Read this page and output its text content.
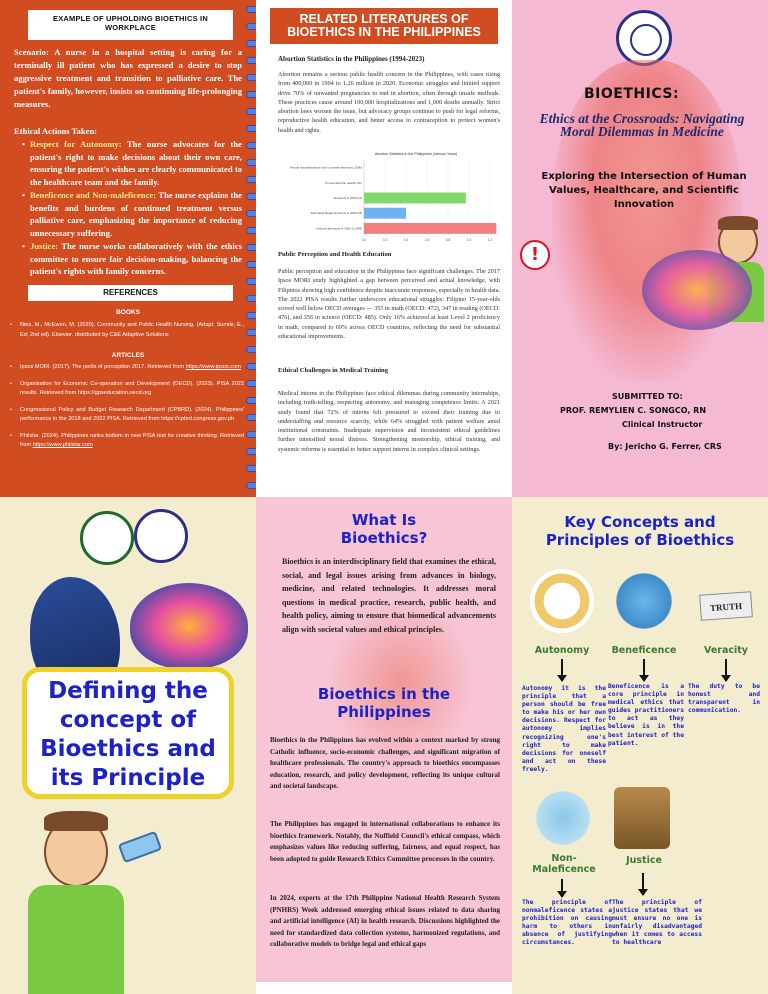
EXAMPLE OF UPHOLDING BIOETHICS IN WORKPLACE

Scenario: A nurse in a hospital setting is caring for a terminally ill patient who has expressed a desire to stop aggressive treatment and transition to palliative care. The patient's family, however, insists on continuing life-prolonging measures.

Ethical Actions Taken:
• Respect for Autonomy: The nurse advocates for the patient's right to make decisions about their own care, ensuring the patient's wishes are clearly communicated to the healthcare team and the family.
• Beneficence and Non-maleficence: The nurse explains the benefits and burdens of continued treatment versus palliative care, emphasizing the importance of reducing unnecessary suffering.
• Justice: The nurse works collaboratively with the ethics committee to ensure fair decision-making, balancing the patient's rights with family concerns.
REFERENCES
BOOKS
• Nies, M., McEwen, M. (2020). Community and Public Health Nursing. (Adapt. Sumile, E., Ed; 2nd ed). Elsevier. distributed by C&E Adaptive Solutions
ARTICLES
• Ipsos MORI. (2017). The perils of perception 2017. Retrieved from https://www.ipsos.com
• Organisation for Economic Co-operation and Development (OECD). (2023). PISA 2022 results. Retrieved from https://gpseducation.oecd.org
• Congressional Policy and Budget Research Department (CPBRD). (2024). Philippines' performance in the 2018 and 2022 PISA. Retrieved from https://cpbrd.congress.gov.ph
• Philstar. (2024). Philippines ranks bottom in new PISA test for creative thinking. Retrieved from https://www.philstar.com
RELATED LITERATURES OF BIOETHICS IN THE PHILIPPINES
Abortion Statistics in the Philippines (1994-2023)

Abortion remains a serious public health concern in the Philippines, with cases rising from 400,000 in 1994 to 1.26 million in 2020. Economic struggles and limited support drive 70% of unwanted pregnancies to end in abortion, often through unsafe methods. These practices cause around 100,000 hospitalizations and 1,000 deaths annually. Strict abortion laws worsen the issue, but advocacy groups continue to push for legal reforms, reproductive health education, and better access to contraception to protect women's health and rights.

Abortion Statistics in the Philippines (Various Years)
Annual hospitalizations due to unsafe abortions (100k)
Annual abortion deaths (1k)
Abortions in 2020 (M)
Estimated illegal abortions in 2000 (M)
Induced abortions in 2020 (1.26M)
0.0	0.2	0.4	0.6	0.8	1.0	1.2
Public Perception and Health Education

Public perception and education in the Philippines face significant challenges. The 2017 Ipsos MORI study highlighted a gap between perceived and actual knowledge, with Filipinos showing high confidence despite inaccurate responses, especially in health data. The 2022 PISA results further underscore educational struggles: Filipino 15-year-olds scored well below OECD averages — 355 in math (OECD: 472), 347 in reading (OECD: 476), and 356 in science (OECD: 485). Only 16% achieved at least Level 2 proficiency in math, compared to 69% across OECD countries, reflecting the need for substantial educational improvements.

Ethical Challenges in Medical Training

Medical interns in the Philippines face ethical dilemmas during community internships, including truth-telling, respecting autonomy, and managing competence limits. A 2021 study found that 72% of interns felt pressured to exceed their training due to understaffing and resource scarcity, while 64% struggled with patient welfare amid institutional constraints. Inadequate supervision and inconsistent ethical guidelines further intensified moral distress. Strengthening mentorship, ethical training, and systemic reforms is essential to better support interns in complex clinical settings.

BIOETHICS:
Ethics at the Crossroads: Navigating Moral Dilemmas in Medicine
Exploring the Intersection of Human Values, Healthcare, and Scientific Innovation
!
SUBMITTED TO:
PROF. REMYLIEN C. SONGCO, RN
Clinical Instructor
By: Jericho G. Ferrer, CRS
Defining the concept of Bioethics and its Principle
What Is Bioethics?

Bioethics is an interdisciplinary field that examines the ethical, social, and legal issues arising from advances in biology, medicine, and related technologies. It addresses moral questions in medical practice, research, public health, and health policy, aiming to ensure that biomedical advancements align with societal values and ethical principles.

Bioethics in the Philippines

Bioethics in the Philippines has evolved within a context marked by strong Catholic influence, socio-economic challenges, and significant migration of healthcare professionals. The country's approach to bioethics encompasses education, research, and policy development, reflecting its unique cultural and societal landscape.

The Philippines has engaged in international collaborations to enhance its bioethics framework. Notably, the Nuffield Council's ethical compass, which emphasizes values like reducing suffering, fairness, and equal respect, has been adopted to guide Research Ethics Committee processes in the country.

In 2024, experts at the 17th Philippine National Health Research System (PNHRS) Week addressed emerging ethical issues related to data sharing and artificial intelligence (AI) in health research. Discussions highlighted the need for standardized data collection systems, harmonized regulations, and collaborative models to bridge legal and ethical gaps

Key Concepts and Principles of Bioethics
Autonomy
Autonomy it is the principle that a person should be free to make his or her own decisions. Respect for autonomy implies recognizing one's right to make decisions for oneself and act on these freely.
Beneficence
Beneficence is a core principle in medical ethics that guides practitioners to act as they believe is in the best interest of the patient.
TRUTH
Veracity
The duty to be honest and transparent in communication.
Non-Maleficence
The principle of nonmaleficence states a prohibition on causing harm to others in absence of justifying circumstances.
Justice
The principle of justice states that we must ensure no one is unfairly disadvantaged when it comes to access to healthcare
